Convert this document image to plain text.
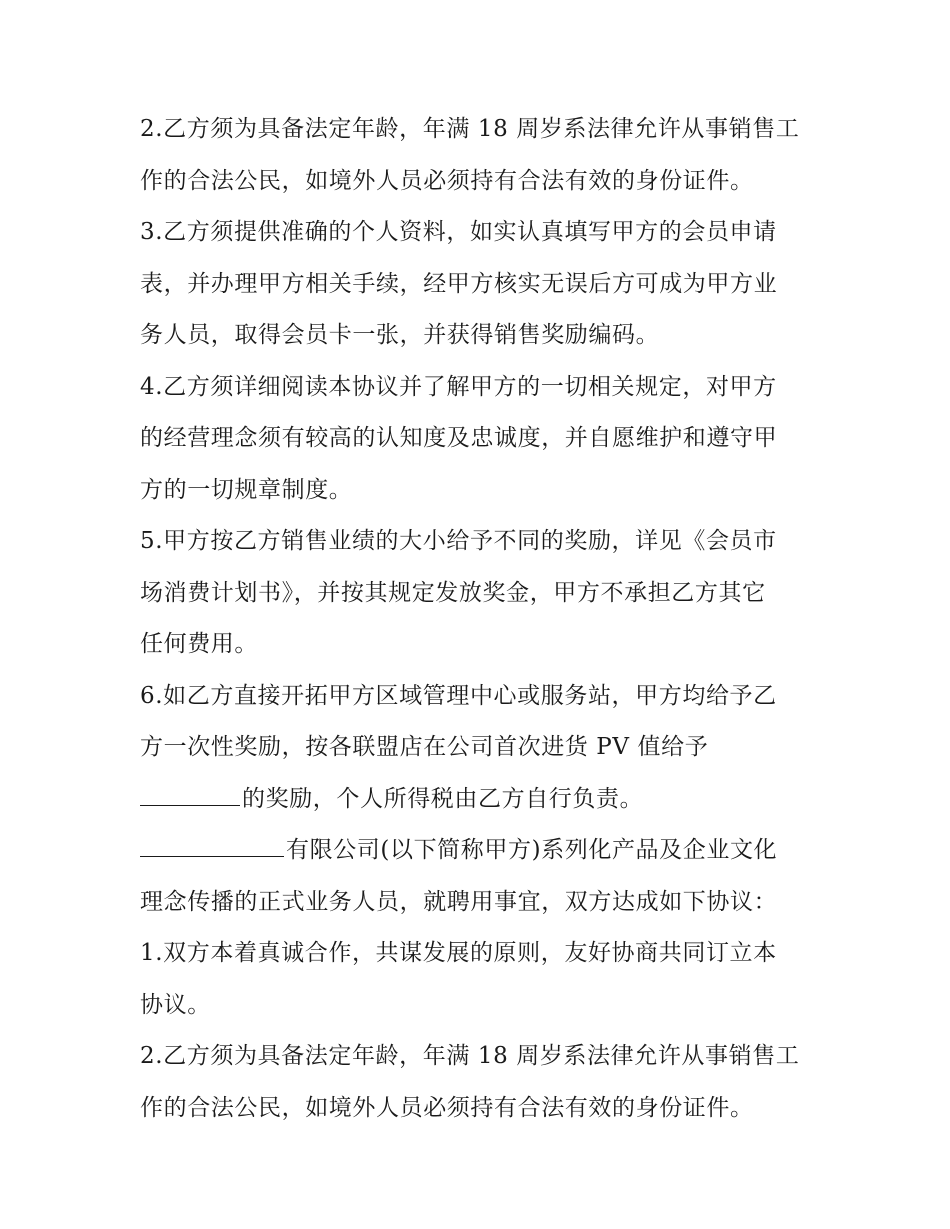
2.乙方须为具备法定年龄，年满 18 周岁系法律允许从事销售工
作的合法公民，如境外人员必须持有合法有效的身份证件。
3.乙方须提供准确的个人资料，如实认真填写甲方的会员申请
表，并办理甲方相关手续，经甲方核实无误后方可成为甲方业
务人员，取得会员卡一张，并获得销售奖励编码。
4.乙方须详细阅读本协议并了解甲方的一切相关规定，对甲方
的经营理念须有较高的认知度及忠诚度，并自愿维护和遵守甲
方的一切规章制度。
5.甲方按乙方销售业绩的大小给予不同的奖励，详见《会员市
场消费计划书》，并按其规定发放奖金，甲方不承担乙方其它
任何费用。
6.如乙方直接开拓甲方区域管理中心或服务站，甲方均给予乙
方一次性奖励，按各联盟店在公司首次进货 PV 值给予
的奖励，个人所得税由乙方自行负责。
有限公司(以下简称甲方)系列化产品及企业文化
理念传播的正式业务人员，就聘用事宜，双方达成如下协议：
1.双方本着真诚合作，共谋发展的原则，友好协商共同订立本
协议。
2.乙方须为具备法定年龄，年满 18 周岁系法律允许从事销售工
作的合法公民，如境外人员必须持有合法有效的身份证件。
